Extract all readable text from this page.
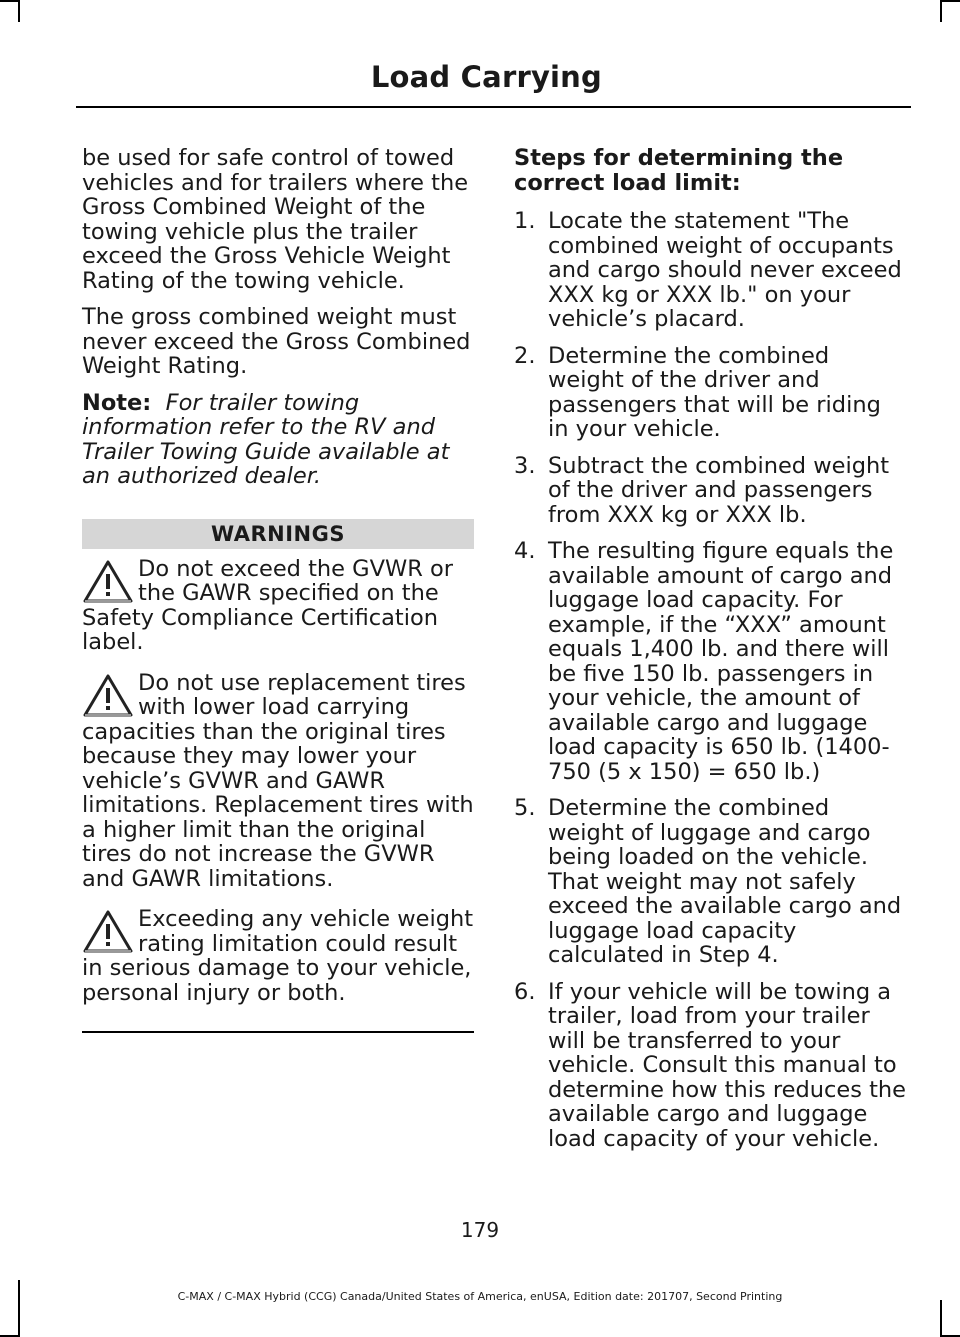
Load Carrying

be used for safe control of towed vehicles and for trailers where the Gross Combined Weight of the towing vehicle plus the trailer exceed the Gross Vehicle Weight Rating of the towing vehicle.

The gross combined weight must never exceed the Gross Combined Weight Rating.

Note: For trailer towing information refer to the RV and Trailer Towing Guide available at an authorized dealer.

WARNINGS
Do not exceed the GVWR or the GAWR specified on the Safety Compliance Certification label.
Do not use replacement tires with lower load carrying capacities than the original tires because they may lower your vehicle’s GVWR and GAWR limitations. Replacement tires with a higher limit than the original tires do not increase the GVWR and GAWR limitations.
Exceeding any vehicle weight rating limitation could result in serious damage to your vehicle, personal injury or both.
Steps for determining the correct load limit:
1. Locate the statement "The combined weight of occupants and cargo should never exceed XXX kg or XXX lb." on your vehicle’s placard.
2. Determine the combined weight of the driver and passengers that will be riding in your vehicle.
3. Subtract the combined weight of the driver and passengers from XXX kg or XXX lb.
4. The resulting figure equals the available amount of cargo and luggage load capacity. For example, if the “XXX” amount equals 1,400 lb. and there will be five 150 lb. passengers in your vehicle, the amount of available cargo and luggage load capacity is 650 lb. (1400-750 (5 x 150) = 650 lb.)
5. Determine the combined weight of luggage and cargo being loaded on the vehicle. That weight may not safely exceed the available cargo and luggage load capacity calculated in Step 4.
6. If your vehicle will be towing a trailer, load from your trailer will be transferred to your vehicle. Consult this manual to determine how this reduces the available cargo and luggage load capacity of your vehicle.
179
C-MAX / C-MAX Hybrid (CCG) Canada/United States of America, enUSA, Edition date: 201707, Second Printing
